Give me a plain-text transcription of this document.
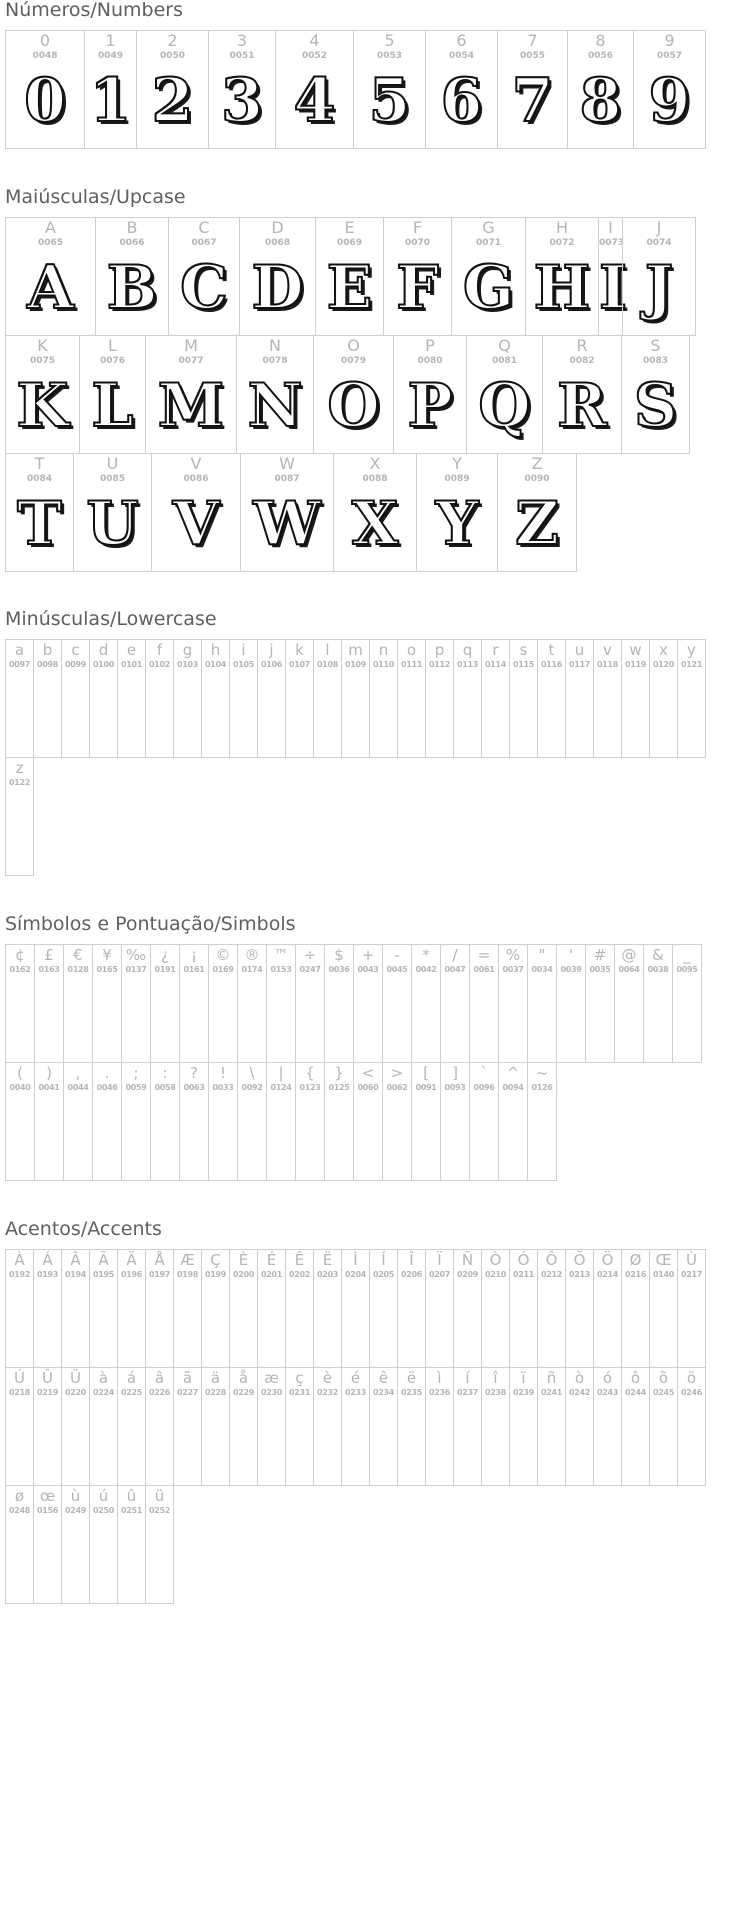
Números/Numbers
0
0048
0
1
0049
1
2
0050
2
3
0051
3
4
0052
4
5
0053
5
6
0054
6
7
0055
7
8
0056
8
9
0057
9
Maiúsculas/Upcase
A
0065
A
B
0066
B
C
0067
C
D
0068
D
E
0069
E
F
0070
F
G
0071
G
H
0072
H
I
0073
I
J
0074
J
K
0075
K
L
0076
L
M
0077
M
N
0078
N
O
0079
O
P
0080
P
Q
0081
Q
R
0082
R
S
0083
S
T
0084
T
U
0085
U
V
0086
V
W
0087
W
X
0088
X
Y
0089
Y
Z
0090
Z
Minúsculas/Lowercase
a
0097
b
0098
c
0099
d
0100
e
0101
f
0102
g
0103
h
0104
i
0105
j
0106
k
0107
l
0108
m
0109
n
0110
o
0111
p
0112
q
0113
r
0114
s
0115
t
0116
u
0117
v
0118
w
0119
x
0120
y
0121
z
0122
Símbolos e Pontuação/Simbols
¢
0162
£
0163
€
0128
¥
0165
‰
0137
¿
0191
¡
0161
©
0169
®
0174
™
0153
÷
0247
$
0036
+
0043
-
0045
*
0042
/
0047
=
0061
%
0037
"
0034
'
0039
#
0035
@
0064
&
0038
_
0095
(
0040
)
0041
,
0044
.
0046
;
0059
:
0058
?
0063
!
0033
\
0092
|
0124
{
0123
}
0125
<
0060
>
0062
[
0091
]
0093
`
0096
^
0094
~
0126
Acentos/Accents
À
0192
Á
0193
Â
0194
Ã
0195
Ä
0196
Å
0197
Æ
0198
Ç
0199
È
0200
É
0201
Ê
0202
Ë
0203
Ì
0204
Í
0205
Î
0206
Ï
0207
Ñ
0209
Ò
0210
Ó
0211
Ô
0212
Õ
0213
Ö
0214
Ø
0216
Œ
0140
Ù
0217
Ú
0218
Û
0219
Ü
0220
à
0224
á
0225
â
0226
ã
0227
ä
0228
å
0229
æ
0230
ç
0231
è
0232
é
0233
ê
0234
ë
0235
ì
0236
í
0237
î
0238
ï
0239
ñ
0241
ò
0242
ó
0243
ô
0244
õ
0245
ö
0246
ø
0248
œ
0156
ù
0249
ú
0250
û
0251
ü
0252
